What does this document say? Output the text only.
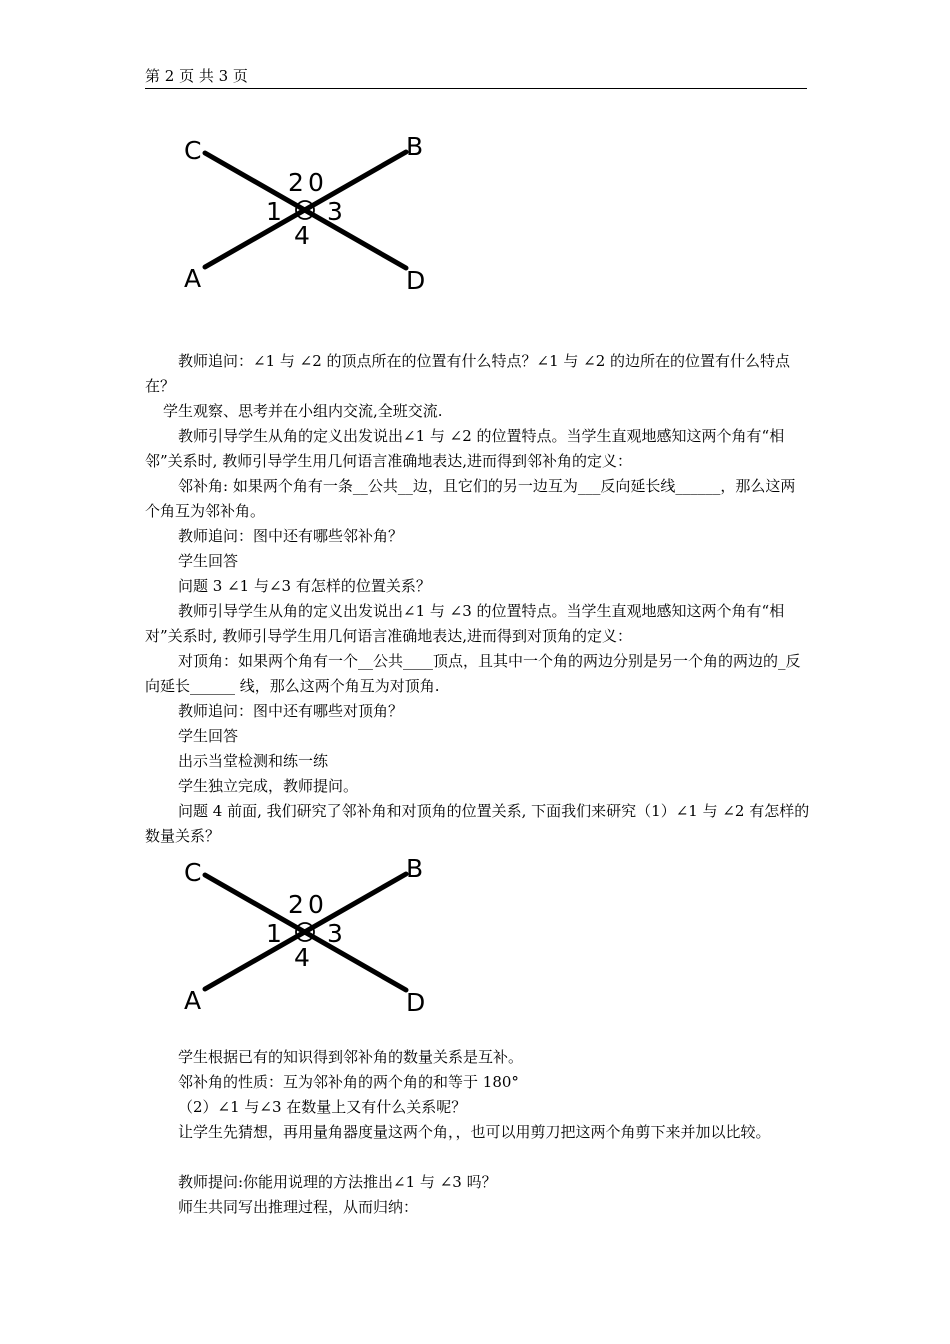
第 2 页 共 3 页
C	B
A	D
2 0
1 3
4

教师追问：∠1 与 ∠2 的顶点所在的位置有什么特点？∠1 与 ∠2 的边所在的位置有什么特点在？

学生观察、思考并在小组内交流,全班交流.

教师引导学生从角的定义出发说出∠1 与 ∠2 的位置特点。当学生直观地感知这两个角有“相邻”关系时, 教师引导学生用几何语言准确地表达,进而得到邻补角的定义：

邻补角: 如果两个角有一条__公共__边，且它们的另一边互为___反向延长线______，那么这两个角互为邻补角。

教师追问：图中还有哪些邻补角？

学生回答

问题 3 ∠1 与∠3 有怎样的位置关系？

教师引导学生从角的定义出发说出∠1 与 ∠3 的位置特点。当学生直观地感知这两个角有“相对”关系时, 教师引导学生用几何语言准确地表达,进而得到对顶角的定义：

对顶角：如果两个角有一个__公共____顶点，且其中一个角的两边分别是另一个角的两边的_反向延长______ 线，那么这两个角互为对顶角.

教师追问：图中还有哪些对顶角？

学生回答

出示当堂检测和练一练

学生独立完成，教师提问。

问题 4 前面, 我们研究了邻补角和对顶角的位置关系, 下面我们来研究（1）∠1 与 ∠2 有怎样的数量关系？

C	B
A	D
2 0
1 3
4

学生根据已有的知识得到邻补角的数量关系是互补。

邻补角的性质：互为邻补角的两个角的和等于 180°

（2）∠1 与∠3 在数量上又有什么关系呢？

让学生先猜想，再用量角器度量这两个角，，也可以用剪刀把这两个角剪下来并加以比较。

教师提问:你能用说理的方法推出∠1 与 ∠3 吗？

师生共同写出推理过程，从而归纳：
